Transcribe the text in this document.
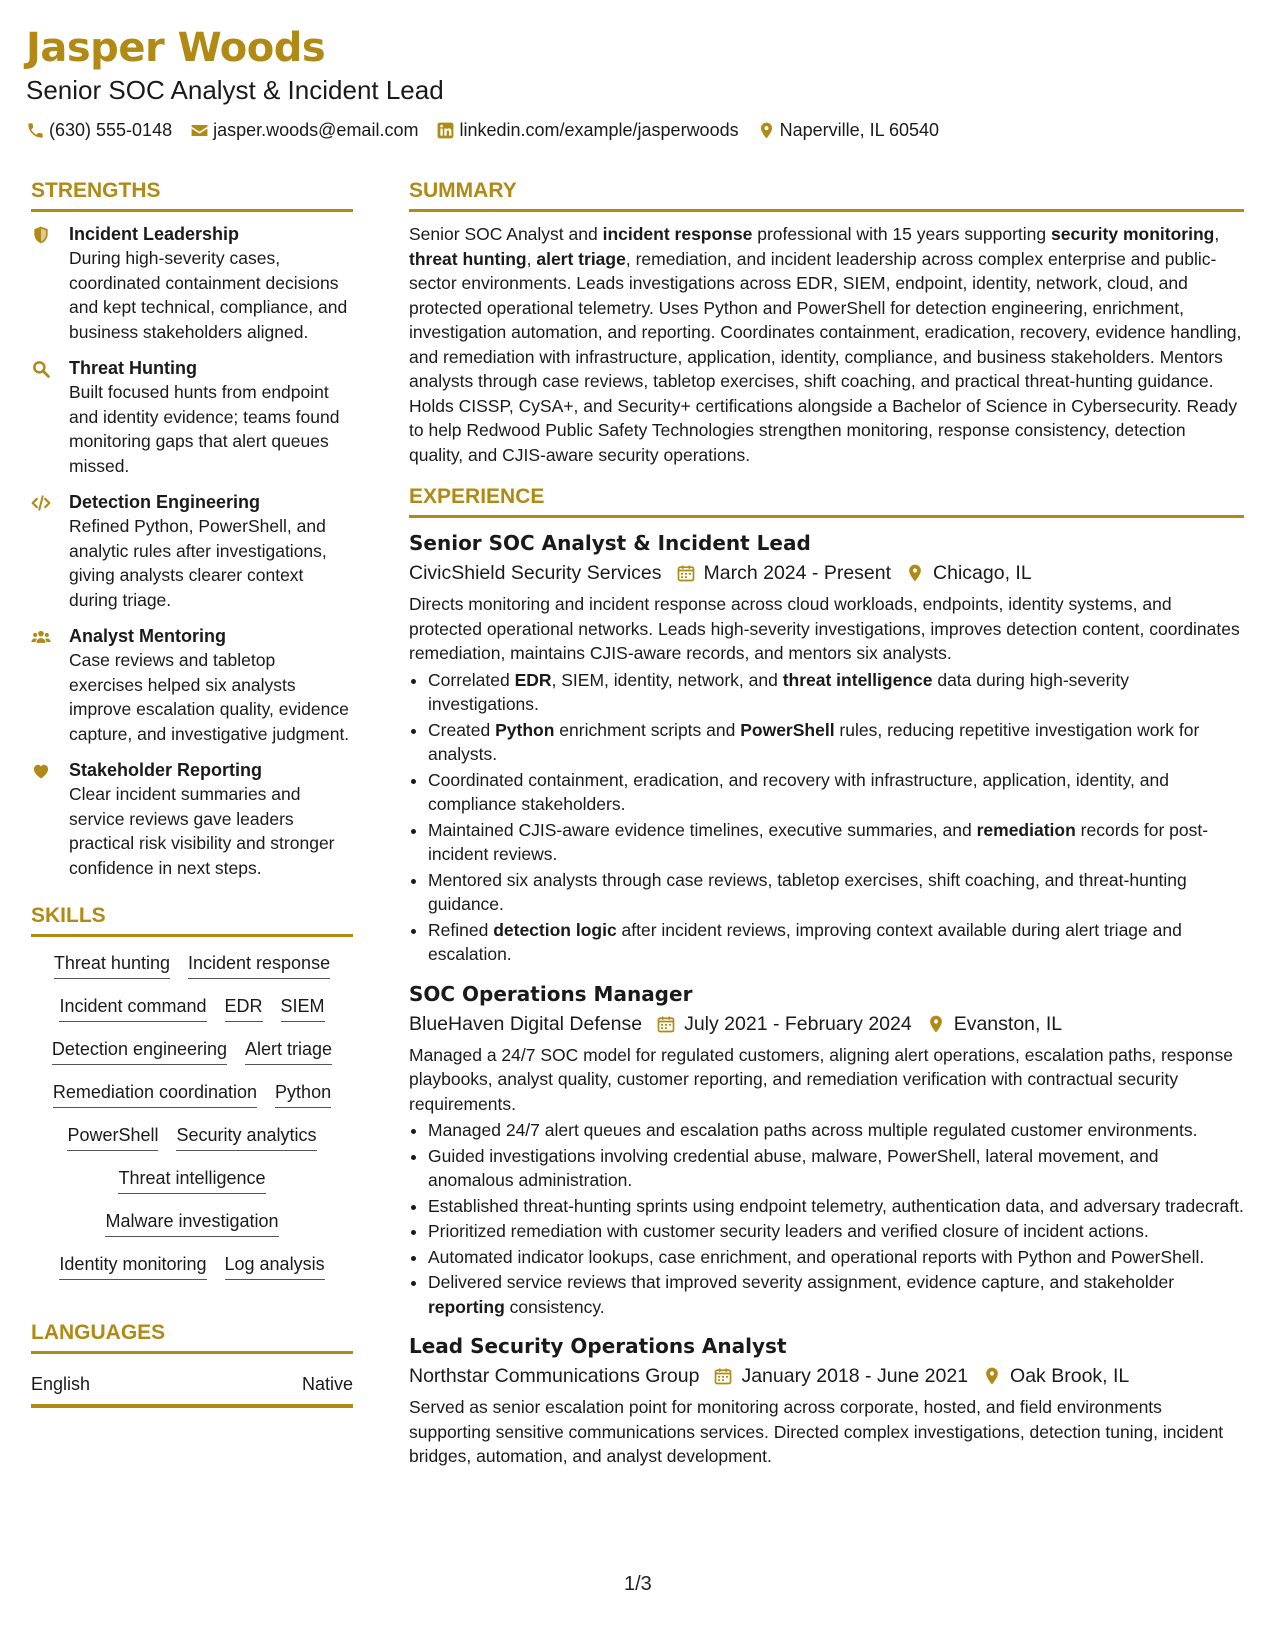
Jasper Woods
Senior SOC Analyst & Incident Lead
(630) 555-0148 jasper.woods@email.com linkedin.com/example/jasperwoods Naperville, IL 60540
STRENGTHS
Incident Leadership
During high-severity cases, coordinated containment decisions and kept technical, compliance, and business stakeholders aligned.
Threat Hunting
Built focused hunts from endpoint and identity evidence; teams found monitoring gaps that alert queues missed.
Detection Engineering
Refined Python, PowerShell, and analytic rules after investigations, giving analysts clearer context during triage.
Analyst Mentoring
Case reviews and tabletop exercises helped six analysts improve escalation quality, evidence capture, and investigative judgment.
Stakeholder Reporting
Clear incident summaries and service reviews gave leaders practical risk visibility and stronger confidence in next steps.
SKILLS
Threat hunting Incident response
Incident command EDR SIEM
Detection engineering Alert triage
Remediation coordination Python
PowerShell Security analytics
Threat intelligence
Malware investigation
Identity monitoring Log analysis
LANGUAGES
English	Native
SUMMARY
Senior SOC Analyst and incident response professional with 15 years supporting security monitoring, threat hunting, alert triage, remediation, and incident leadership across complex enterprise and public-sector environments. Leads investigations across EDR, SIEM, endpoint, identity, network, cloud, and protected operational telemetry. Uses Python and PowerShell for detection engineering, enrichment, investigation automation, and reporting. Coordinates containment, eradication, recovery, evidence handling, and remediation with infrastructure, application, identity, compliance, and business stakeholders. Mentors analysts through case reviews, tabletop exercises, shift coaching, and practical threat-hunting guidance. Holds CISSP, CySA+, and Security+ certifications alongside a Bachelor of Science in Cybersecurity. Ready to help Redwood Public Safety Technologies strengthen monitoring, response consistency, detection quality, and CJIS-aware security operations.
EXPERIENCE
Senior SOC Analyst & Incident Lead
CivicShield Security Services March 2024 - Present Chicago, IL
Directs monitoring and incident response across cloud workloads, endpoints, identity systems, and protected operational networks. Leads high-severity investigations, improves detection content, coordinates remediation, maintains CJIS-aware records, and mentors six analysts.
• Correlated EDR, SIEM, identity, network, and threat intelligence data during high-severity investigations.
• Created Python enrichment scripts and PowerShell rules, reducing repetitive investigation work for analysts.
• Coordinated containment, eradication, and recovery with infrastructure, application, identity, and compliance stakeholders.
• Maintained CJIS-aware evidence timelines, executive summaries, and remediation records for post-incident reviews.
• Mentored six analysts through case reviews, tabletop exercises, shift coaching, and threat-hunting guidance.
• Refined detection logic after incident reviews, improving context available during alert triage and escalation.
SOC Operations Manager
BlueHaven Digital Defense July 2021 - February 2024 Evanston, IL
Managed a 24/7 SOC model for regulated customers, aligning alert operations, escalation paths, response playbooks, analyst quality, customer reporting, and remediation verification with contractual security requirements.
• Managed 24/7 alert queues and escalation paths across multiple regulated customer environments.
• Guided investigations involving credential abuse, malware, PowerShell, lateral movement, and anomalous administration.
• Established threat-hunting sprints using endpoint telemetry, authentication data, and adversary tradecraft.
• Prioritized remediation with customer security leaders and verified closure of incident actions.
• Automated indicator lookups, case enrichment, and operational reports with Python and PowerShell.
• Delivered service reviews that improved severity assignment, evidence capture, and stakeholder reporting consistency.
Lead Security Operations Analyst
Northstar Communications Group January 2018 - June 2021 Oak Brook, IL
Served as senior escalation point for monitoring across corporate, hosted, and field environments supporting sensitive communications services. Directed complex investigations, detection tuning, incident bridges, automation, and analyst development.
1/3
